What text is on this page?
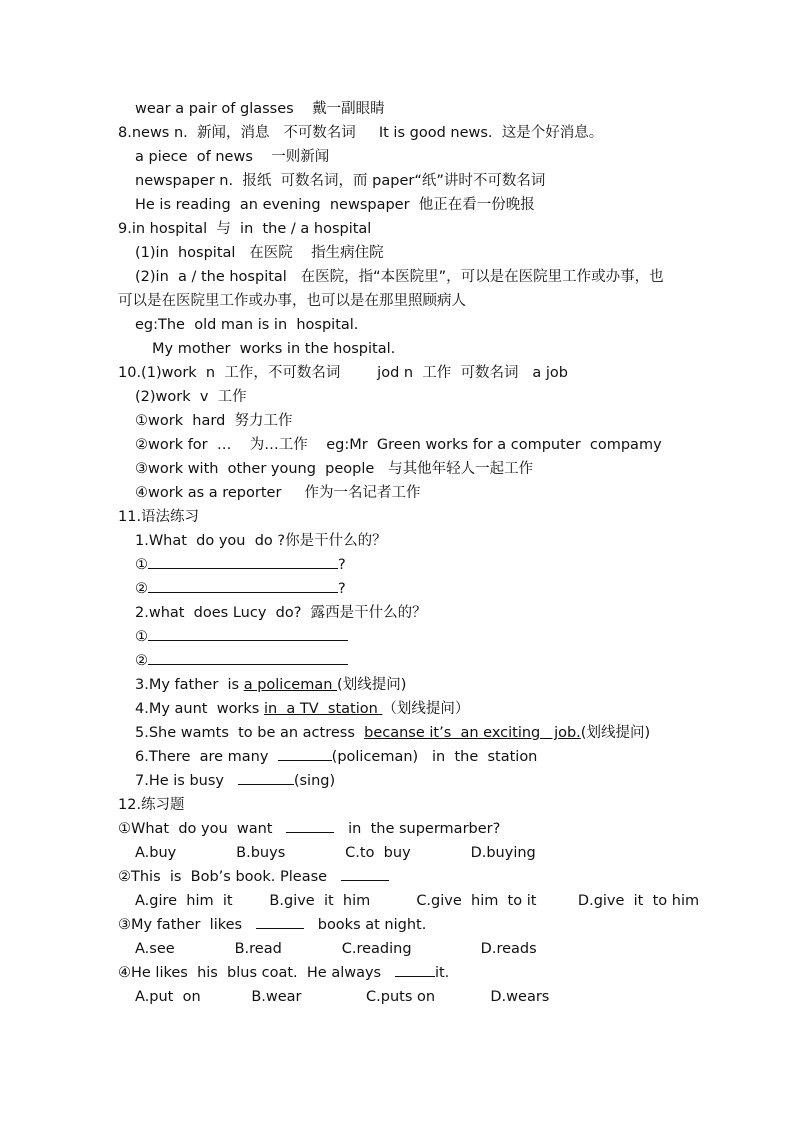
wear a pair of glasses    戴一副眼睛
8.news n.  新闻，消息   不可数名词     It is good news.  这是个好消息。
a piece  of news    一则新闻
newspaper n.  报纸  可数名词，而 paper“纸”讲时不可数名词
He is reading  an evening  newspaper  他正在看一份晚报
9.in hospital  与  in  the / a hospital
(1)in  hospital   在医院    指生病住院
(2)in  a / the hospital   在医院，指“本医院里”，可以是在医院里工作或办事，也
可以是在医院里工作或办事，也可以是在那里照顾病人
eg:The  old man is in  hospital.
My mother  works in the hospital.
10.(1)work  n  工作，不可数名词        jod n  工作  可数名词   a job
(2)work  v  工作
①work  hard  努力工作
②work for  …    为…工作    eg:Mr  Green works for a computer  compamy
③work with  other young  people   与其他年轻人一起工作
④work as a reporter     作为一名记者工作
11.语法练习
1.What  do you  do ?你是干什么的？
①	?
②	?
2.what  does Lucy  do?  露西是干什么的？
①
②
3.My father  is a policeman (划线提问)
4.My aunt  works in  a TV  station （划线提问）
5.She wamts  to be an actress  becanse it’s  an exciting   job.(划线提问)
6.There  are many	(policeman)   in  the  station
7.He is busy	(sing)
12.练习题
①What  do you  want	in  the supermarber?
A.buy             B.buys             C.to  buy             D.buying
②This  is  Bob’s book. Please
A.gire  him  it        B.give  it  him          C.give  him  to it         D.give  it  to him
③My father  likes	books at night.
A.see             B.read             C.reading               D.reads
④He likes  his  blus coat.  He always	it.
A.put  on           B.wear              C.puts on            D.wears
